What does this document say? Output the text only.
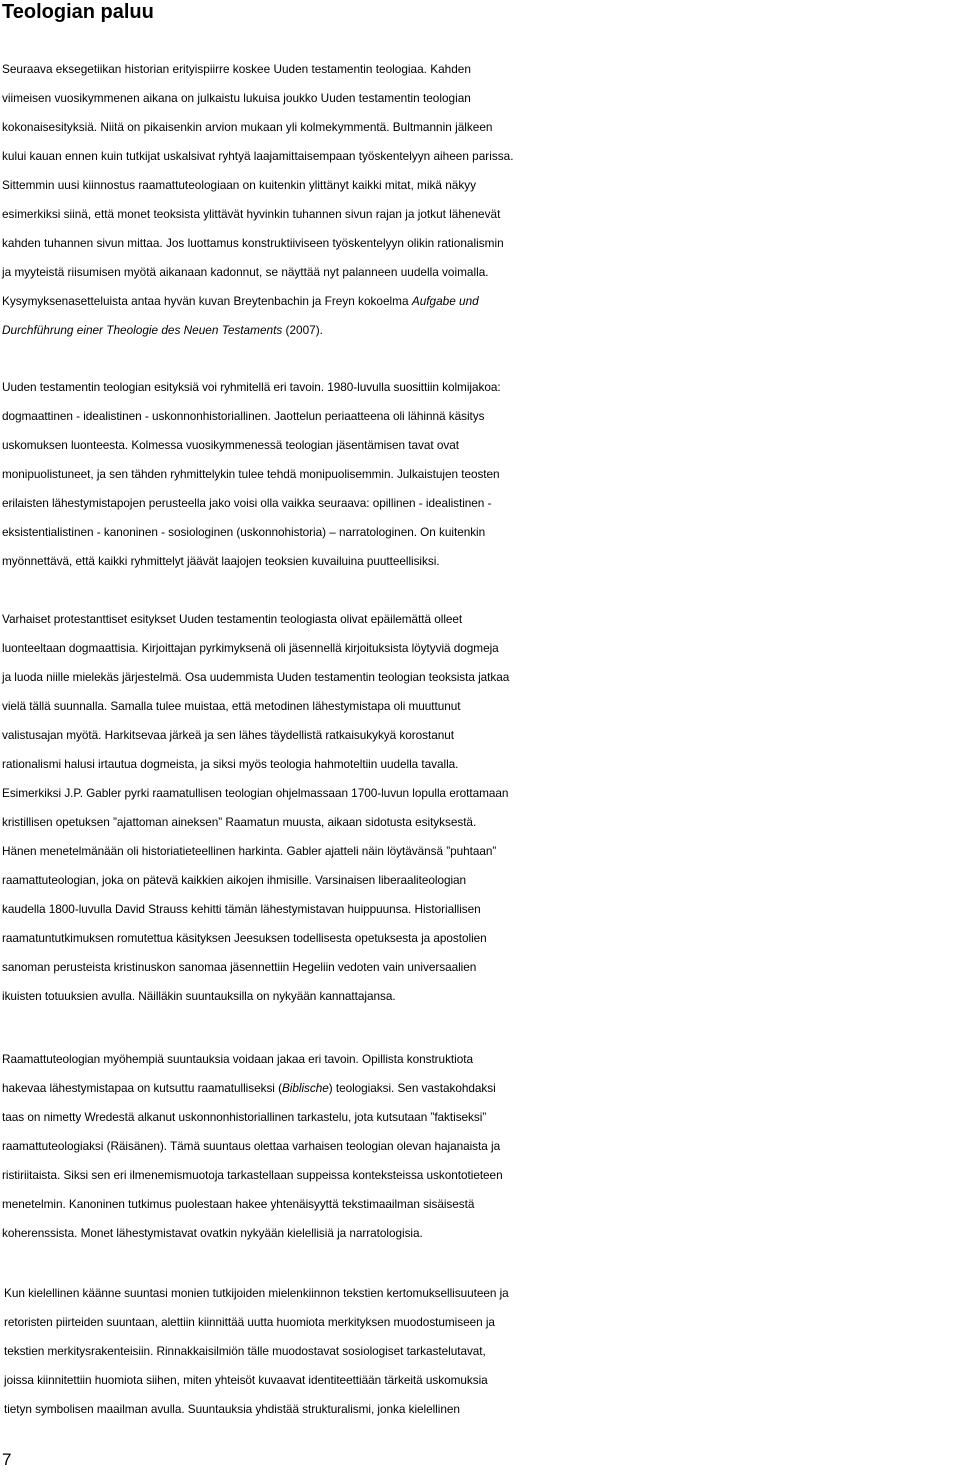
Teologian paluu
Seuraava eksegetiikan historian erityispiirre koskee Uuden testamentin teologiaa. Kahden
viimeisen vuosikymmenen aikana on julkaistu lukuisa joukko Uuden testamentin teologian
kokonaisesityksiä. Niitä on pikaisenkin arvion mukaan yli kolmekymmentä. Bultmannin jälkeen
kului kauan ennen kuin tutkijat uskalsivat ryhtyä laajamittaisempaan työskentelyyn aiheen parissa.
Sittemmin uusi kiinnostus raamattuteologiaan on kuitenkin ylittänyt kaikki mitat, mikä näkyy
esimerkiksi siinä, että monet teoksista ylittävät hyvinkin tuhannen sivun rajan ja jotkut lähenevät
kahden tuhannen sivun mittaa. Jos luottamus konstruktiiviseen työskentelyyn olikin rationalismin
ja myyteistä riisumisen myötä aikanaan kadonnut, se näyttää nyt palanneen uudella voimalla.
Kysymyksenasetteluista antaa hyvän kuvan Breytenbachin ja Freyn kokoelma Aufgabe und
Durchführung einer Theologie des Neuen Testaments (2007).
Uuden testamentin teologian esityksiä voi ryhmitellä eri tavoin. 1980-luvulla suosittiin kolmijakoa:
dogmaattinen - idealistinen - uskonnonhistoriallinen. Jaottelun periaatteena oli lähinnä käsitys
uskomuksen luonteesta. Kolmessa vuosikymmenessä teologian jäsentämisen tavat ovat
monipuolistuneet, ja sen tähden ryhmittelykin tulee tehdä monipuolisemmin. Julkaistujen teosten
erilaisten lähestymistapojen perusteella jako voisi olla vaikka seuraava: opillinen - idealistinen -
eksistentialistinen - kanoninen - sosiologinen (uskonnohistoria) – narratologinen. On kuitenkin
myönnettävä, että kaikki ryhmittelyt jäävät laajojen teoksien kuvailuina puutteellisiksi.
Varhaiset protestanttiset esitykset Uuden testamentin teologiasta olivat epäilemättä olleet
luonteeltaan dogmaattisia. Kirjoittajan pyrkimyksenä oli jäsennellä kirjoituksista löytyviä dogmeja
ja luoda niille mielekäs järjestelmä. Osa uudemmista Uuden testamentin teologian teoksista jatkaa
vielä tällä suunnalla. Samalla tulee muistaa, että metodinen lähestymistapa oli muuttunut
valistusajan myötä. Harkitsevaa järkeä ja sen lähes täydellistä ratkaisukykyä korostanut
rationalismi halusi irtautua dogmeista, ja siksi myös teologia hahmoteltiin uudella tavalla.
Esimerkiksi J.P. Gabler pyrki raamatullisen teologian ohjelmassaan 1700-luvun lopulla erottamaan
kristillisen opetuksen ”ajattoman aineksen” Raamatun muusta, aikaan sidotusta esityksestä.
Hänen menetelmänään oli historiatieteellinen harkinta. Gabler ajatteli näin löytävänsä ”puhtaan”
raamattuteologian, joka on pätevä kaikkien aikojen ihmisille. Varsinaisen liberaaliteologian
kaudella 1800-luvulla David Strauss kehitti tämän lähestymistavan huippuunsa. Historiallisen
raamatuntutkimuksen romutettua käsityksen Jeesuksen todellisesta opetuksesta ja apostolien
sanoman perusteista kristinuskon sanomaa jäsennettiin Hegeliin vedoten vain universaalien
ikuisten totuuksien avulla. Näilläkin suuntauksilla on nykyään kannattajansa.
Raamattuteologian myöhempiä suuntauksia voidaan jakaa eri tavoin. Opillista konstruktiota
hakevaa lähestymistapaa on kutsuttu raamatulliseksi (Biblische) teologiaksi. Sen vastakohdaksi
taas on nimetty Wredestä alkanut uskonnonhistoriallinen tarkastelu, jota kutsutaan ”faktiseksi”
raamattuteologiaksi (Räisänen). Tämä suuntaus olettaa varhaisen teologian olevan hajanaista ja
ristiriitaista. Siksi sen eri ilmenemismuotoja tarkastellaan suppeissa konteksteissa uskontotieteen
menetelmin. Kanoninen tutkimus puolestaan hakee yhtenäisyyttä tekstimaailman sisäisestä
koherenssista. Monet lähestymistavat ovatkin nykyään kielellisiä ja narratologisia.
Kun kielellinen käänne suuntasi monien tutkijoiden mielenkiinnon tekstien kertomuksellisuuteen ja
retoristen piirteiden suuntaan, alettiin kiinnittää uutta huomiota merkityksen muodostumiseen ja
tekstien merkitysrakenteisiin. Rinnakkaisilmiön tälle muodostavat sosiologiset tarkastelutavat,
joissa kiinnitettiin huomiota siihen, miten yhteisöt kuvaavat identiteettiään tärkeitä uskomuksia
tietyn symbolisen maailman avulla. Suuntauksia yhdistää strukturalismi, jonka kielellinen
7
